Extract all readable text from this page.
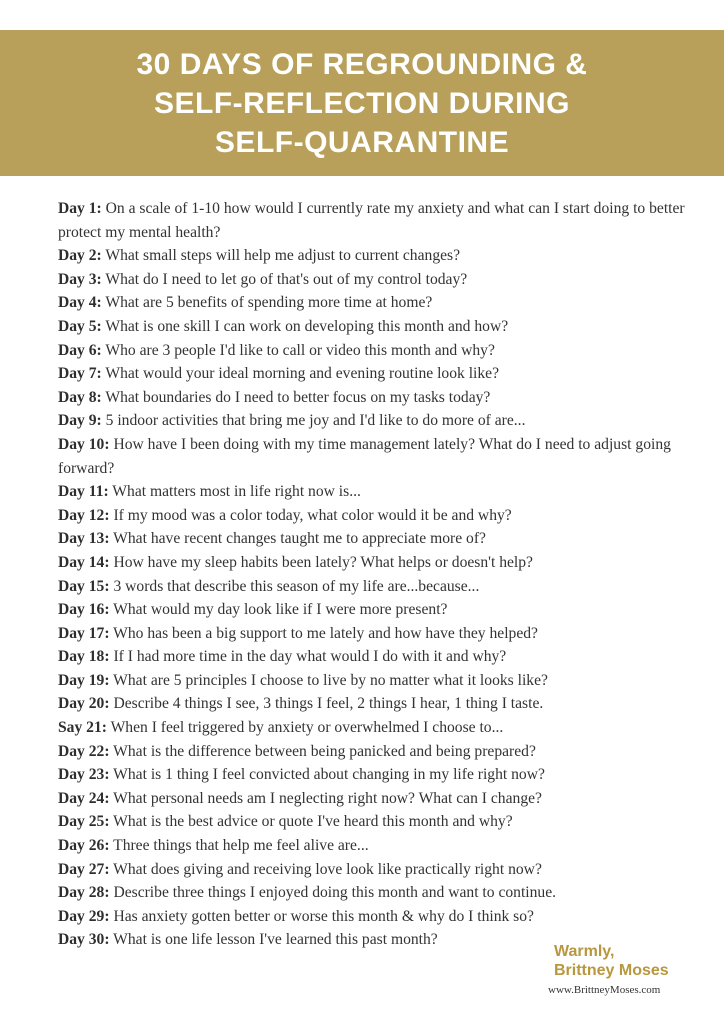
30 DAYS OF REGROUNDING &
SELF-REFLECTION DURING
SELF-QUARANTINE
Day 1: On a scale of 1-10 how would I currently rate my anxiety and what can I start doing to better protect my mental health?
Day 2: What small steps will help me adjust to current changes?
Day 3: What do I need to let go of that's out of my control today?
Day 4: What are 5 benefits of spending more time at home?
Day 5: What is one skill I can work on developing this month and how?
Day 6: Who are 3 people I'd like to call or video this month and why?
Day 7: What would your ideal morning and evening routine look like?
Day 8: What boundaries do I need to better focus on my tasks today?
Day 9: 5 indoor activities that bring me joy and I'd like to do more of are...
Day 10: How have I been doing with my time management lately? What do I need to adjust going forward?
Day 11: What matters most in life right now is...
Day 12: If my mood was a color today, what color would it be and why?
Day 13: What have recent changes taught me to appreciate more of?
Day 14: How have my sleep habits been lately? What helps or doesn't help?
Day 15: 3 words that describe this season of my life are...because...
Day 16: What would my day look like if I were more present?
Day 17: Who has been a big support to me lately and how have they helped?
Day 18: If I had more time in the day what would I do with it and why?
Day 19: What are 5 principles I choose to live by no matter what it looks like?
Day 20: Describe 4 things I see, 3 things I feel, 2 things I hear, 1 thing I taste.
Say 21: When I feel triggered by anxiety or overwhelmed I choose to...
Day 22: What is the difference between being panicked and being prepared?
Day 23: What is 1 thing I feel convicted about changing in my life right now?
Day 24: What personal needs am I neglecting right now? What can I change?
Day 25: What is the best advice or quote I've heard this month and why?
Day 26: Three things that help me feel alive are...
Day 27: What does giving and receiving love look like practically right now?
Day 28: Describe three things I enjoyed doing this month and want to continue.
Day 29: Has anxiety gotten better or worse this month & why do I think so?
Day 30: What is one life lesson I've learned this past month?
Warmly,
Brittney Moses
www.BrittneyMoses.com
